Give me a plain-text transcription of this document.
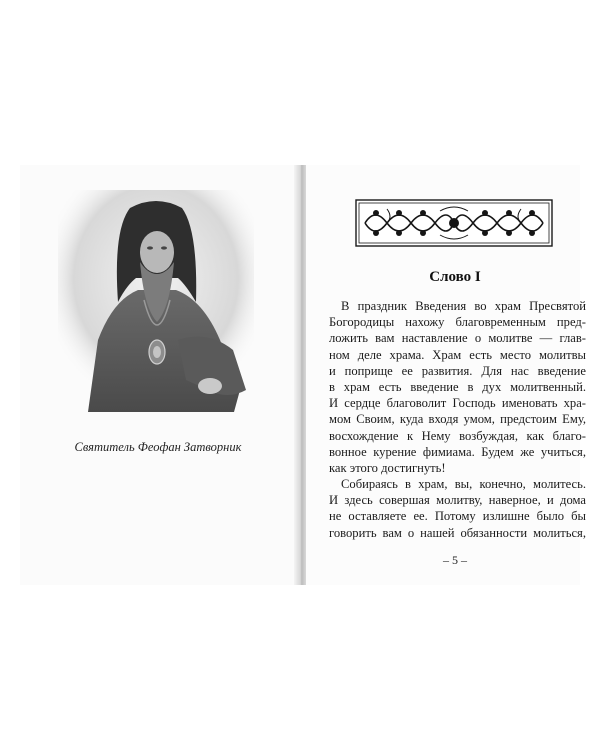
Святитель Феофан Затворник
Слово I
В праздник Введения во храм Пресвятой
Богородицы нахожу благовременным пред-
ложить вам наставление о молитве — глав-
ном деле храма. Храм есть место молитвы
и поприще ее развития. Для нас введение
в храм есть введение в дух молитвенный.
И сердце благоволит Господь именовать хра-
мом Своим, куда входя умом, предстоим Ему,
восхождение к Нему возбуждая, как благо-
вонное курение фимиама. Будем же учиться,
как этого достигнуть!
Собираясь в храм, вы, конечно, молитесь.
И здесь совершая молитву, наверное, и дома
не оставляете ее. Потому излишне было бы
говорить вам о нашей обязанности молиться,
– 5 –
